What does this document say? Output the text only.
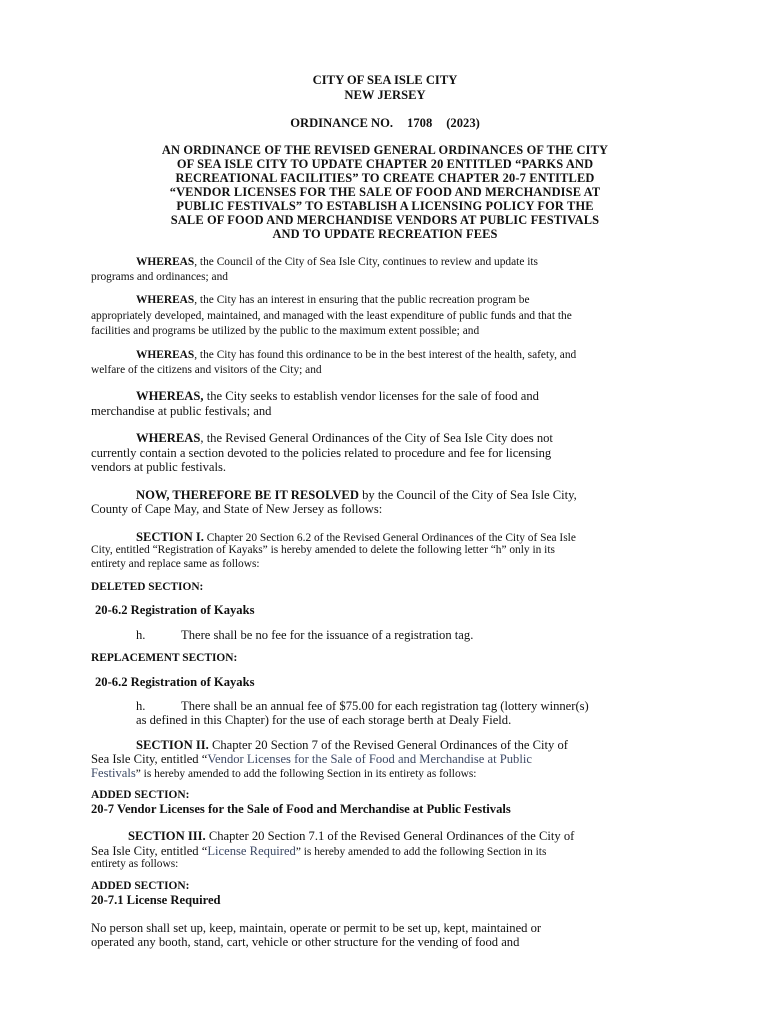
CITY OF SEA ISLE CITY
NEW JERSEY
ORDINANCE NO. 1708 (2023)
AN ORDINANCE OF THE REVISED GENERAL ORDINANCES OF THE CITY
OF SEA ISLE CITY TO UPDATE CHAPTER 20 ENTITLED “PARKS AND
RECREATIONAL FACILITIES” TO CREATE CHAPTER 20-7 ENTITLED
“VENDOR LICENSES FOR THE SALE OF FOOD AND MERCHANDISE AT
PUBLIC FESTIVALS” TO ESTABLISH A LICENSING POLICY FOR THE
SALE OF FOOD AND MERCHANDISE VENDORS AT PUBLIC FESTIVALS
AND TO UPDATE RECREATION FEES
WHEREAS, the Council of the City of Sea Isle City, continues to review and update its
programs and ordinances; and
WHEREAS, the City has an interest in ensuring that the public recreation program be
appropriately developed, maintained, and managed with the least expenditure of public funds and that the
facilities and programs be utilized by the public to the maximum extent possible; and
WHEREAS, the City has found this ordinance to be in the best interest of the health, safety, and
welfare of the citizens and visitors of the City; and
WHEREAS, the City seeks to establish vendor licenses for the sale of food and
merchandise at public festivals; and
WHEREAS, the Revised General Ordinances of the City of Sea Isle City does not
currently contain a section devoted to the policies related to procedure and fee for licensing
vendors at public festivals.
NOW, THEREFORE BE IT RESOLVED by the Council of the City of Sea Isle City,
County of Cape May, and State of New Jersey as follows:
SECTION I. Chapter 20 Section 6.2 of the Revised General Ordinances of the City of Sea Isle
City, entitled “Registration of Kayaks” is hereby amended to delete the following letter “h” only in its
entirety and replace same as follows:
DELETED SECTION:
20-6.2 Registration of Kayaks
h.	There shall be no fee for the issuance of a registration tag.
REPLACEMENT SECTION:
20-6.2 Registration of Kayaks
h.	There shall be an annual fee of $75.00 for each registration tag (lottery winner(s)
as defined in this Chapter) for the use of each storage berth at Dealy Field.
SECTION II. Chapter 20 Section 7 of the Revised General Ordinances of the City of
Sea Isle City, entitled “Vendor Licenses for the Sale of Food and Merchandise at Public
Festivals” is hereby amended to add the following Section in its entirety as follows:
ADDED SECTION:
20-7 Vendor Licenses for the Sale of Food and Merchandise at Public Festivals
SECTION III. Chapter 20 Section 7.1 of the Revised General Ordinances of the City of
Sea Isle City, entitled “License Required” is hereby amended to add the following Section in its
entirety as follows:
ADDED SECTION:
20-7.1 License Required
No person shall set up, keep, maintain, operate or permit to be set up, kept, maintained or
operated any booth, stand, cart, vehicle or other structure for the vending of food and
